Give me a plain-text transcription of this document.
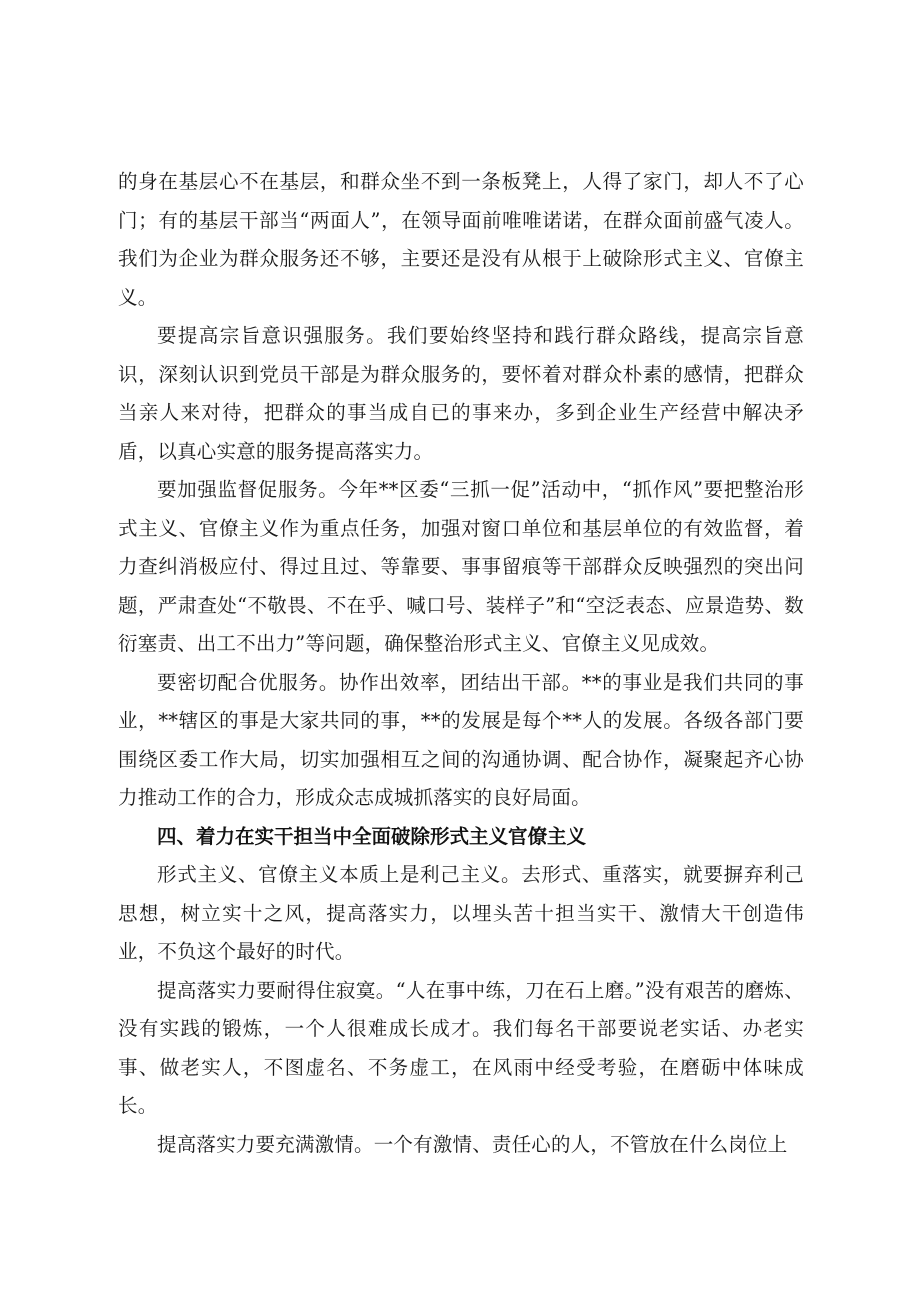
的身在基层心不在基层，和群众坐不到一条板凳上，人得了家门，却人不了心门；有的基层干部当“两面人”，在领导面前唯唯诺诺，在群众面前盛气凌人。我们为企业为群众服务还不够，主要还是没有从根于上破除形式主义、官僚主义。

要提高宗旨意识强服务。我们要始终坚持和践行群众路线，提高宗旨意识，深刻认识到党员干部是为群众服务的，要怀着对群众朴素的感情，把群众当亲人来对待，把群众的事当成自已的事来办，多到企业生产经营中解决矛盾，以真心实意的服务提高落实力。

要加强监督促服务。今年**区委“三抓一促”活动中，“抓作风”要把整治形式主义、官僚主义作为重点任务，加强对窗口单位和基层单位的有效监督，着力查纠消极应付、得过且过、等靠要、事事留痕等干部群众反映强烈的突出问题，严肃查处“不敬畏、不在乎、喊口号、装样子”和“空泛表态、应景造势、数衍塞责、出工不出力”等问题，确保整治形式主义、官僚主义见成效。

要密切配合优服务。协作出效率，团结出干部。**的事业是我们共同的事业，**辖区的事是大家共同的事，**的发展是每个**人的发展。各级各部门要围绕区委工作大局，切实加强相互之间的沟通协调、配合协作，凝聚起齐心协力推动工作的合力，形成众志成城抓落实的良好局面。

四、着力在实干担当中全面破除形式主义官僚主义

形式主义、官僚主义本质上是利己主义。去形式、重落实，就要摒弃利己思想，树立实十之风，提高落实力，以埋头苦十担当实干、激情大干创造伟业，不负这个最好的时代。

提高落实力要耐得住寂寞。“人在事中练，刀在石上磨。”没有艰苦的磨炼、没有实践的锻炼，一个人很难成长成才。我们每名干部要说老实话、办老实事、做老实人，不图虚名、不务虚工，在风雨中经受考验，在磨砺中体味成长。

提高落实力要充满激情。一个有激情、责任心的人，不管放在什么岗位上
